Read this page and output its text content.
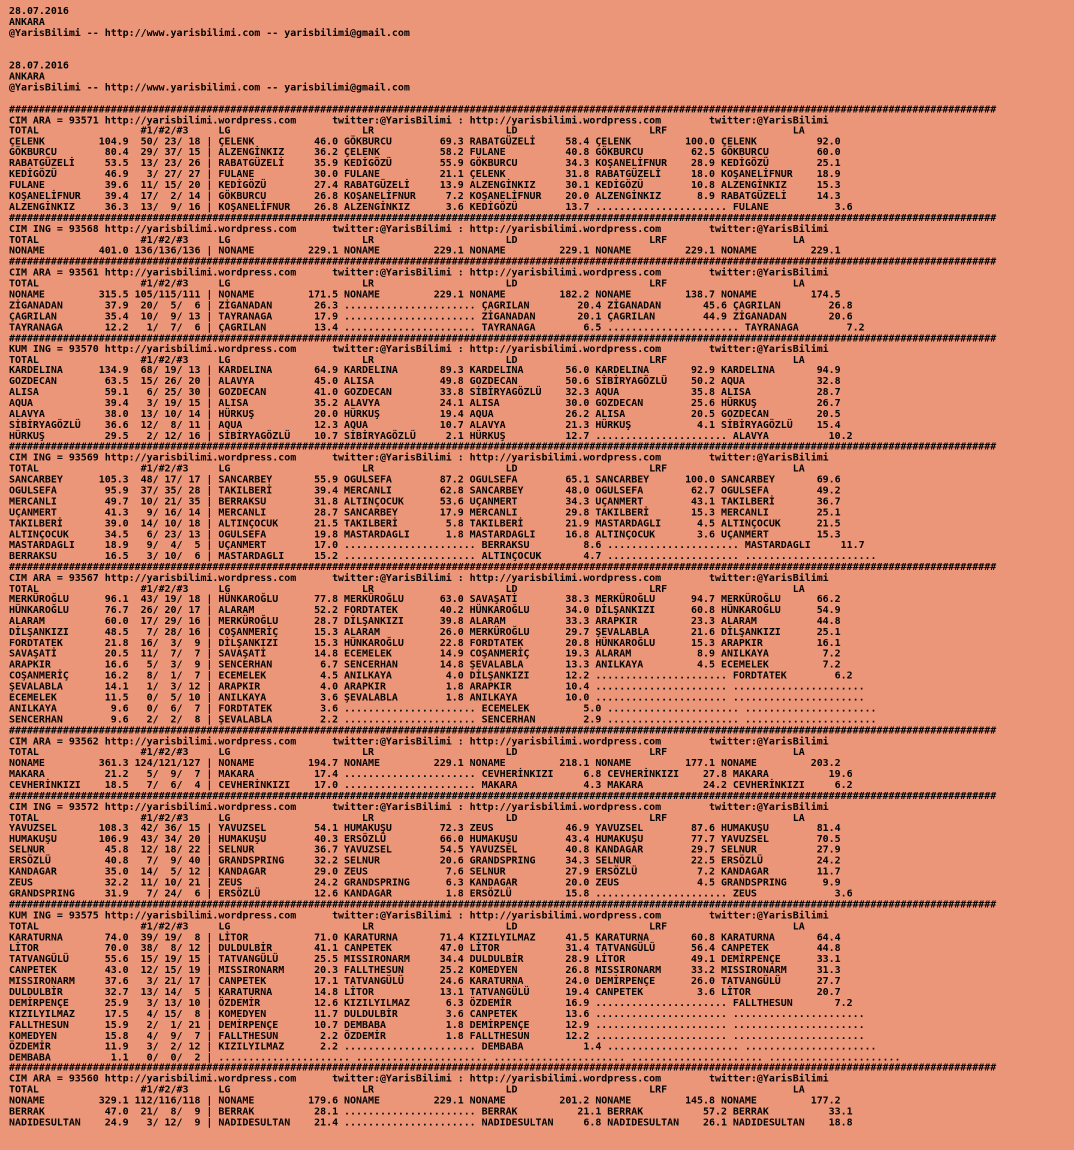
28.07.2016
ANKARA
@YarisBilimi -- http://www.yarisbilimi.com -- yarisbilimi@gmail.com

28.07.2016
ANKARA
@YarisBilimi -- http://www.yarisbilimi.com -- yarisbilimi@gmail.com

#####################################################################################################################################################################
CIM ARA = 93571 http://yarisbilimi.wordpress.com      twitter:@YarisBilimi : http://yarisbilimi.wordpress.com        twitter:@YarisBilimi
TOTAL                 #1/#2/#3     LG                      LR                      LD                      LRF                     LA
ÇELENK         104.9  50/ 23/ 18 | ÇELENK          46.0 GÖKBURCU        69.3 RABATGÜZELİ     58.4 ÇELENK         100.0 ÇELENK          92.0
GÖKBURCU        80.4  29/ 37/ 15 | ALZENGİNKIZ     36.2 ÇELENK          58.2 FULANE          40.8 GÖKBURCU        62.5 GÖKBURCU        60.0
RABATGÜZELİ     53.5  13/ 23/ 26 | RABATGÜZELİ     35.9 KEDİGÖZÜ        55.9 GÖKBURCU        34.3 KOŞANELİFNUR    28.9 KEDİGÖZÜ        25.1
KEDİGÖZÜ        46.9   3/ 27/ 27 | FULANE          30.0 FULANE          21.1 ÇELENK          31.8 RABATGÜZELİ     18.0 KOŞANELİFNUR    18.9
FULANE          39.6  11/ 15/ 20 | KEDİGÖZÜ        27.4 RABATGÜZELİ     13.9 ALZENGİNKIZ     30.1 KEDİGÖZÜ        10.8 ALZENGİNKIZ     15.3
KOŞANELİFNUR    39.4  17/  2/ 14 | GÖKBURCU        26.8 KOŞANELİFNUR     7.2 KOŞANELİFNUR    20.0 ALZENGİNKIZ      8.9 RABATGÜZELİ     14.3
ALZENGİNKIZ     36.3  13/  9/ 16 | KOŞANELİFNUR    26.8 ALZENGİNKIZ      3.6 KEDİGÖZÜ        13.7 ...................... FULANE           3.6
#####################################################################################################################################################################
CIM ING = 93568 http://yarisbilimi.wordpress.com      twitter:@YarisBilimi : http://yarisbilimi.wordpress.com        twitter:@YarisBilimi
TOTAL                 #1/#2/#3     LG                      LR                      LD                      LRF                     LA
NONAME         401.0 136/136/136 | NONAME         229.1 NONAME         229.1 NONAME         229.1 NONAME         229.1 NONAME         229.1
#####################################################################################################################################################################
CIM ARA = 93561 http://yarisbilimi.wordpress.com      twitter:@YarisBilimi : http://yarisbilimi.wordpress.com        twitter:@YarisBilimi
TOTAL                 #1/#2/#3     LG                      LR                      LD                      LRF                     LA
NONAME         315.5 105/115/111 | NONAME         171.5 NONAME         229.1 NONAME         182.2 NONAME         138.7 NONAME         174.5
ZİGANADAN       37.9  20/  5/  6 | ZİGANADAN       26.3 ...................... ÇAGRILAN        20.4 ZİGANADAN       45.6 ÇAGRILAN        26.8
ÇAGRILAN        35.4  10/  9/ 13 | TAYRANAGA       17.9 ...................... ZİGANADAN       20.1 ÇAGRILAN        44.9 ZİGANADAN       20.6
TAYRANAGA       12.2   1/  7/  6 | ÇAGRILAN        13.4 ...................... TAYRANAGA        6.5 ...................... TAYRANAGA        7.2
#####################################################################################################################################################################
KUM ING = 93570 http://yarisbilimi.wordpress.com      twitter:@YarisBilimi : http://yarisbilimi.wordpress.com        twitter:@YarisBilimi
TOTAL                 #1/#2/#3     LG                      LR                      LD                      LRF                     LA
KARDELINA      134.9  68/ 19/ 13 | KARDELINA       64.9 KARDELINA       89.3 KARDELINA       56.0 KARDELINA       92.9 KARDELINA       94.9
GOZDECAN        63.5  15/ 26/ 20 | ALAVYA          45.0 ALISA           49.8 GOZDECAN        50.6 SİBİRYAGÖZLÜ    50.2 AQUA            32.8
ALISA           59.1   6/ 25/ 30 | GOZDECAN        41.0 GOZDECAN        33.8 SİBİRYAGÖZLÜ    32.3 AQUA            35.8 ALISA           28.7
AQUA            39.4   3/ 19/ 15 | ALISA           35.2 ALAVYA          24.1 ALISA           30.0 GOZDECAN        25.6 HÜRKUŞ          26.7
ALAVYA          38.0  13/ 10/ 14 | HÜRKUŞ          20.0 HÜRKUŞ          19.4 AQUA            26.2 ALISA           20.5 GOZDECAN        20.5
SİBİRYAGÖZLÜ    36.6  12/  8/ 11 | AQUA            12.3 AQUA            10.7 ALAVYA          21.3 HÜRKUŞ           4.1 SİBİRYAGÖZLÜ    15.4
HÜRKUŞ          29.5   2/ 12/ 16 | SİBİRYAGÖZLÜ    10.7 SİBİRYAGÖZLÜ     2.1 HÜRKUŞ          12.7 ...................... ALAVYA          10.2
#####################################################################################################################################################################
CIM ING = 93569 http://yarisbilimi.wordpress.com      twitter:@YarisBilimi : http://yarisbilimi.wordpress.com        twitter:@YarisBilimi
TOTAL                 #1/#2/#3     LG                      LR                      LD                      LRF                     LA
SANCARBEY      105.3  48/ 17/ 17 | SANCARBEY       55.9 OGULSEFA        87.2 OGULSEFA        65.1 SANCARBEY      100.0 SANCARBEY       69.6
OGULSEFA        95.9  37/ 35/ 28 | TAKILBERİ       39.4 MERCANLI        62.8 SANCARBEY       48.0 OGULSEFA        62.7 OGULSEFA        49.2
MERCANLI        49.7  10/ 21/ 35 | BERRAKSU        31.8 ALTINÇOCUK      53.6 UÇANMERT        34.3 UÇANMERT        43.1 TAKILBERİ       36.7
UÇANMERT        41.3   9/ 16/ 14 | MERCANLI        28.7 SANCARBEY       17.9 MERCANLI        29.8 TAKILBERİ       15.3 MERCANLI        25.1
TAKILBERİ       39.0  14/ 10/ 18 | ALTINÇOCUK      21.5 TAKILBERİ        5.8 TAKILBERİ       21.9 MASTARDAGLI      4.5 ALTINÇOCUK      21.5
ALTINÇOCUK      34.5   6/ 23/ 13 | OGULSEFA        19.8 MASTARDAGLI      1.8 MASTARDAGLI     16.8 ALTINÇOCUK       3.6 UÇANMERT        15.3
MASTARDAGLI     18.9   9/  4/  5 | UÇANMERT        17.0 ...................... BERRAKSU         8.6 ...................... MASTARDAGLI     11.7
BERRAKSU        16.5   3/ 10/  6 | MASTARDAGLI     15.2 ...................... ALTINÇOCUK       4.7 ...................... ......................
#####################################################################################################################################################################
CIM ARA = 93567 http://yarisbilimi.wordpress.com      twitter:@YarisBilimi : http://yarisbilimi.wordpress.com        twitter:@YarisBilimi
TOTAL                 #1/#2/#3     LG                      LR                      LD                      LRF                     LA
MERKÜROĞLU      96.1  43/ 19/ 18 | HÜNKAROĞLU      77.8 MERKÜROĞLU      63.0 SAVAŞATİ        38.3 MERKÜROĞLU      94.7 MERKÜROĞLU      66.2
HÜNKAROĞLU      76.7  26/ 20/ 17 | ALARAM          52.2 FORDTATEK       40.2 HÜNKAROĞLU      34.0 DİLŞANKIZI      60.8 HÜNKAROĞLU      54.9
ALARAM          60.0  17/ 29/ 16 | MERKÜROĞLU      28.7 DİLŞANKIZI      39.8 ALARAM          33.3 ARAPKIR         23.3 ALARAM          44.8
DİLŞANKIZI      48.5   7/ 28/ 16 | COŞANMERİÇ      15.3 ALARAM          26.0 MERKÜROĞLU      29.7 ŞEVALABLA       21.6 DİLŞANKIZI      25.1
FORDTATEK       21.8  16/  3/  9 | DİLŞANKIZI      15.3 HÜNKAROĞLU      22.8 FORDTATEK       20.8 HÜNKAROĞLU      15.3 ARAPKIR         16.1
SAVAŞATİ        20.5  11/  7/  7 | SAVAŞATİ        14.8 ECEMELEK        14.9 COŞANMERİÇ      19.3 ALARAM           8.9 ANILKAYA         7.2
ARAPKIR         16.6   5/  3/  9 | SENCERHAN        6.7 SENCERHAN       14.8 ŞEVALABLA       13.3 ANILKAYA         4.5 ECEMELEK         7.2
COŞANMERİÇ      16.2   8/  1/  7 | ECEMELEK         4.5 ANILKAYA         4.0 DİLŞANKIZI      12.2 ...................... FORDTATEK        6.2
ŞEVALABLA       14.1   1/  3/ 12 | ARAPKIR          4.0 ARAPKIR          1.8 ARAPKIR         10.4 ...................... ......................
ECEMELEK        11.5   0/  5/ 10 | ANILKAYA         3.6 ŞEVALABLA        1.8 ANILKAYA        10.0 ...................... ......................
ANILKAYA         9.6   0/  6/  7 | FORDTATEK        3.6 ...................... ECEMELEK         5.0 ...................... ......................
SENCERHAN        9.6   2/  2/  8 | ŞEVALABLA        2.2 ...................... SENCERHAN        2.9 ...................... ......................
#####################################################################################################################################################################
CIM ARA = 93562 http://yarisbilimi.wordpress.com      twitter:@YarisBilimi : http://yarisbilimi.wordpress.com        twitter:@YarisBilimi
TOTAL                 #1/#2/#3     LG                      LR                      LD                      LRF                     LA
NONAME         361.3 124/121/127 | NONAME         194.7 NONAME         229.1 NONAME         218.1 NONAME         177.1 NONAME         203.2
MAKARA          21.2   5/  9/  7 | MAKARA          17.4 ...................... CEVHERİNKIZI     6.8 CEVHERİNKIZI    27.8 MAKARA          19.6
CEVHERİNKIZI    18.5   7/  6/  4 | CEVHERİNKIZI    17.0 ...................... MAKARA           4.3 MAKARA          24.2 CEVHERİNKIZI     6.2
#####################################################################################################################################################################
CIM ING = 93572 http://yarisbilimi.wordpress.com      twitter:@YarisBilimi : http://yarisbilimi.wordpress.com        twitter:@YarisBilimi
TOTAL                 #1/#2/#3     LG                      LR                      LD                      LRF                     LA
YAVUZSEL       108.3  42/ 36/ 15 | YAVUZSEL        54.1 HUMAKUŞU        72.3 ZEUS            46.9 YAVUZSEL        87.6 HUMAKUŞU        81.4
HUMAKUŞU       106.9  43/ 34/ 20 | HUMAKUŞU        40.3 ERSÖZLÜ         66.0 HUMAKUŞU        43.4 HUMAKUŞU        77.7 YAVUZSEL        70.5
SELNUR          45.8  12/ 18/ 22 | SELNUR          36.7 YAVUZSEL        54.5 YAVUZSEL        40.8 KANDAGAR        29.7 SELNUR          27.9
ERSÖZLÜ         40.8   7/  9/ 40 | GRANDSPRING     32.2 SELNUR          20.6 GRANDSPRING     34.3 SELNUR          22.5 ERSÖZLÜ         24.2
KANDAGAR        35.0  14/  5/ 12 | KANDAGAR        29.0 ZEUS             7.6 SELNUR          27.9 ERSÖZLÜ          7.2 KANDAGAR        11.7
ZEUS            32.2  11/ 10/ 21 | ZEUS            24.2 GRANDSPRING      6.3 KANDAGAR        20.0 ZEUS             4.5 GRANDSPRING      9.9
GRANDSPRING     31.9   7/ 24/  6 | ERSÖZLÜ         12.6 KANDAGAR         1.8 ERSÖZLÜ         15.8 ...................... ZEUS             3.6
#####################################################################################################################################################################
KUM ING = 93575 http://yarisbilimi.wordpress.com      twitter:@YarisBilimi : http://yarisbilimi.wordpress.com        twitter:@YarisBilimi
TOTAL                 #1/#2/#3     LG                      LR                      LD                      LRF                     LA
KARATURNA       74.0  39/ 19/  8 | LİTOR           71.0 KARATURNA       71.4 KIZILYILMAZ     41.5 KARATURNA       60.8 KARATURNA       64.4
LİTOR           70.0  38/  8/ 12 | DULDULBİR       41.1 CANPETEK        47.0 LİTOR           31.4 TATVANGÜLÜ      56.4 CANPETEK        44.8
TATVANGÜLÜ      55.6  15/ 19/ 15 | TATVANGÜLÜ      25.5 MISSIRONARM     34.4 DULDULBİR       28.9 LİTOR           49.1 DEMİRPENÇE      33.1
CANPETEK        43.0  12/ 15/ 19 | MISSIRONARM     20.3 FALLTHESUN      25.2 KOMEDYEN        26.8 MISSIRONARM     33.2 MISSIRONARM     31.3
MISSIRONARM     37.6   3/ 21/ 17 | CANPETEK        17.1 TATVANGÜLÜ      24.6 KARATURNA       24.0 DEMİRPENÇE      26.0 TATVANGÜLÜ      27.7
DULDULBİR       32.7  13/ 14/  5 | KARATURNA       14.8 LİTOR           13.1 TATVANGÜLÜ      19.4 CANPETEK         3.6 LİTOR           20.7
DEMİRPENÇE      25.9   3/ 13/ 10 | ÖZDEMİR         12.6 KIZILYILMAZ      6.3 ÖZDEMİR         16.9 ...................... FALLTHESUN       7.2
KIZILYILMAZ     17.5   4/ 15/  8 | KOMEDYEN        11.7 DULDULBİR        3.6 CANPETEK        13.6 ...................... ......................
FALLTHESUN      15.9   2/  1/ 21 | DEMİRPENÇE      10.7 DEMBABA          1.8 DEMİRPENÇE      12.9 ...................... ......................
KOMEDYEN        15.8   4/  9/  7 | FALLTHESUN       2.2 ÖZDEMİR          1.8 FALLTHESUN      12.2 ...................... ......................
ÖZDEMİR         11.9   3/  2/ 12 | KIZILYILMAZ      2.2 ...................... DEMBABA          1.4 ...................... ......................
DEMBABA          1.1   0/  0/  2 | ...................... ...................... ...................... ...................... ......................
#####################################################################################################################################################################
CIM ARA = 93560 http://yarisbilimi.wordpress.com      twitter:@YarisBilimi : http://yarisbilimi.wordpress.com        twitter:@YarisBilimi
TOTAL                 #1/#2/#3     LG                      LR                      LD                      LRF                     LA
NONAME         329.1 112/116/118 | NONAME         179.6 NONAME         229.1 NONAME         201.2 NONAME         145.8 NONAME         177.2
BERRAK          47.0  21/  8/  9 | BERRAK          28.1 ...................... BERRAK          21.1 BERRAK          57.2 BERRAK          33.1
NADIDESULTAN    24.9   3/ 12/  9 | NADIDESULTAN    21.4 ...................... NADIDESULTAN     6.8 NADIDESULTAN    26.1 NADIDESULTAN    18.8
